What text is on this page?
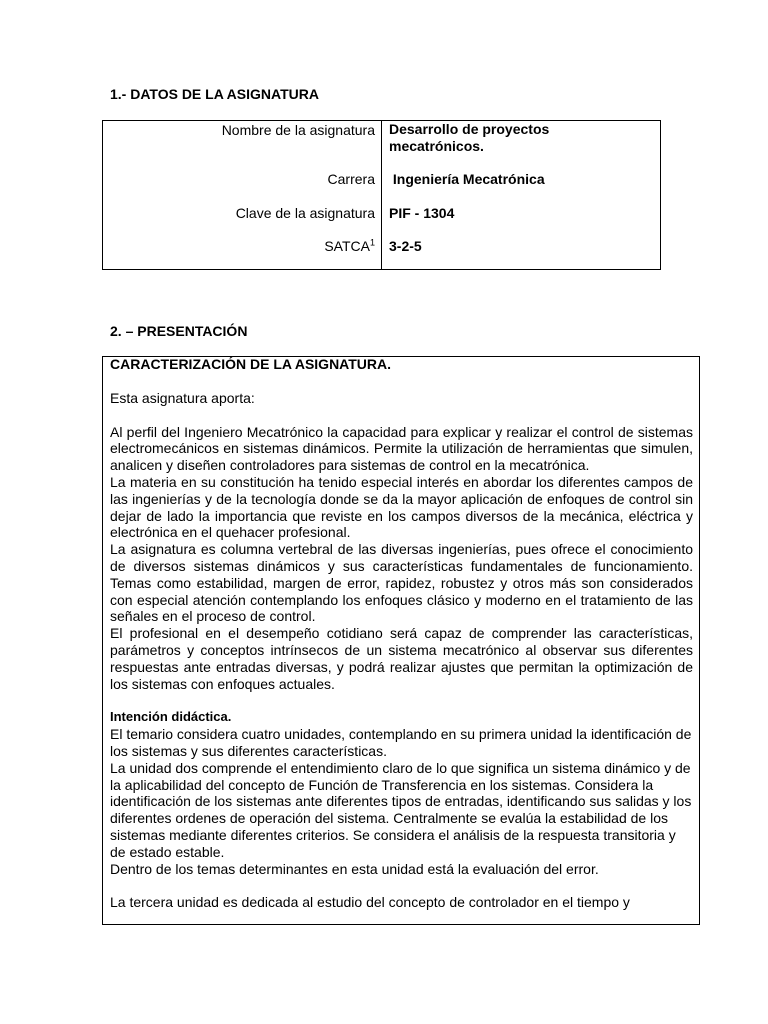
1.- DATOS DE LA ASIGNATURA
Nombre de la asignatura Desarrollo de proyectos mecatrónicos.
Carrera Ingeniería Mecatrónica
Clave de la asignatura PIF - 1304
SATCA$^1$ 3-2-5
2. – PRESENTACIÓN

CARACTERIZACIÓN DE LA ASIGNATURA.

Esta asignatura aporta:

Al perfil del Ingeniero Mecatrónico la capacidad para explicar y realizar el control de sistemas electromecánicos en sistemas dinámicos. Permite la utilización de herramientas que simulen, analicen y diseñen controladores para sistemas de control en la mecatrónica.

La materia en su constitución ha tenido especial interés en abordar los diferentes campos de las ingenierías y de la tecnología donde se da la mayor aplicación de enfoques de control sin dejar de lado la importancia que reviste en los campos diversos de la mecánica, eléctrica y electrónica en el quehacer profesional.

La asignatura es columna vertebral de las diversas ingenierías, pues ofrece el conocimiento de diversos sistemas dinámicos y sus características fundamentales de funcionamiento. Temas como estabilidad, margen de error, rapidez, robustez y otros más son considerados con especial atención contemplando los enfoques clásico y moderno en el tratamiento de las señales en el proceso de control.

El profesional en el desempeño cotidiano será capaz de comprender las características, parámetros y conceptos intrínsecos de un sistema mecatrónico al observar sus diferentes respuestas ante entradas diversas, y podrá realizar ajustes que permitan la optimización de los sistemas con enfoques actuales.

Intención didáctica.

El temario considera cuatro unidades, contemplando en su primera unidad la identificación de los sistemas y sus diferentes características.

La unidad dos comprende el entendimiento claro de lo que significa un sistema dinámico y de la aplicabilidad del concepto de Función de Transferencia en los sistemas. Considera la identificación de los sistemas ante diferentes tipos de entradas, identificando sus salidas y los diferentes ordenes de operación del sistema. Centralmente se evalúa la estabilidad de los sistemas mediante diferentes criterios. Se considera el análisis de la respuesta transitoria y de estado estable.

Dentro de los temas determinantes en esta unidad está la evaluación del error.

La tercera unidad es dedicada al estudio del concepto de controlador en el tiempo y
